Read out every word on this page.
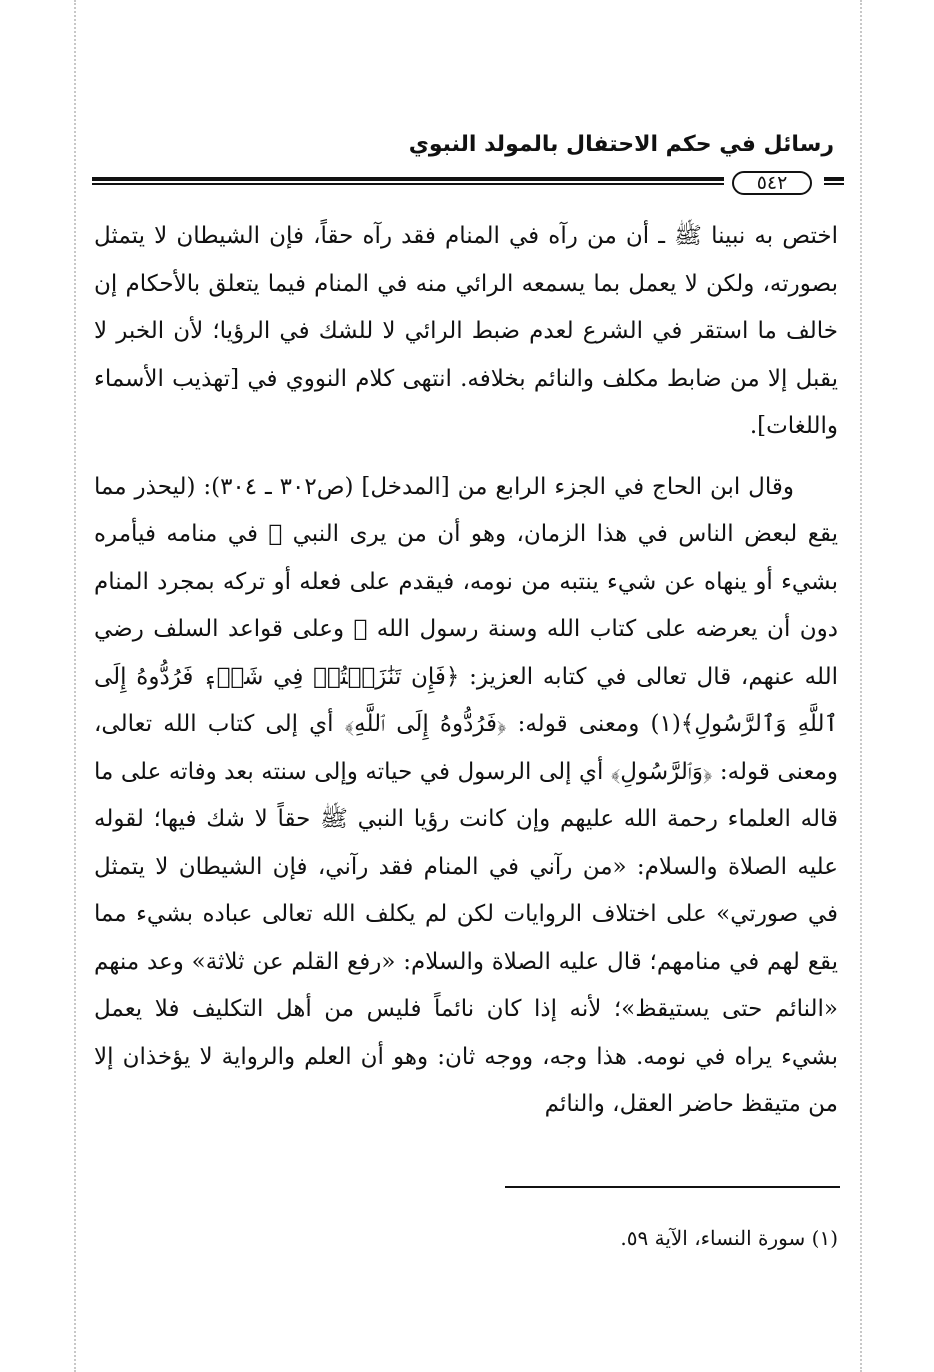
رسائل في حكم الاحتفال بالمولد النبوي
٥٤٢

اختص به نبينا ﷺ ـ أن من رآه في المنام فقد رآه حقاً، فإن الشيطان لا يتمثل بصورته، ولكن لا يعمل بما يسمعه الرائي منه في المنام فيما يتعلق بالأحكام إن خالف ما استقر في الشرع لعدم ضبط الرائي لا للشك في الرؤيا؛ لأن الخبر لا يقبل إلا من ضابط مكلف والنائم بخلافه. انتهى كلام النووي في [تهذيب الأسماء واللغات].

وقال ابن الحاج في الجزء الرابع من [المدخل] (ص٣٠٢ ـ ٣٠٤): (ليحذر مما يقع لبعض الناس في هذا الزمان، وهو أن من يرى النبي ﷺ في منامه فيأمره بشيء أو ينهاه عن شيء ينتبه من نومه، فيقدم على فعله أو تركه بمجرد المنام دون أن يعرضه على كتاب الله وسنة رسول الله ﷺ وعلى قواعد السلف رضي الله عنهم، قال تعالى في كتابه العزيز: ﴿فَإِن تَنَٰزَعۡتُمۡ فِي شَيۡءٖ فَرُدُّوهُ إِلَى ٱللَّهِ وَٱلرَّسُولِ﴾(١) ومعنى قوله: ﴿فَرُدُّوهُ إِلَى ٱللَّهِ﴾ أي إلى كتاب الله تعالى، ومعنى قوله: ﴿وَٱلرَّسُولِ﴾ أي إلى الرسول في حياته وإلى سنته بعد وفاته على ما قاله العلماء رحمة الله عليهم وإن كانت رؤيا النبي ﷺ حقاً لا شك فيها؛ لقوله عليه الصلاة والسلام: «من رآني في المنام فقد رآني، فإن الشيطان لا يتمثل في صورتي» على اختلاف الروايات لكن لم يكلف الله تعالى عباده بشيء مما يقع لهم في منامهم؛ قال عليه الصلاة والسلام: «رفع القلم عن ثلاثة» وعد منهم «النائم حتى يستيقظ»؛ لأنه إذا كان نائماً فليس من أهل التكليف فلا يعمل بشيء يراه في نومه. هذا وجه، ووجه ثان: وهو أن العلم والرواية لا يؤخذان إلا من متيقظ حاضر العقل، والنائم

(١) سورة النساء، الآية ٥٩.
